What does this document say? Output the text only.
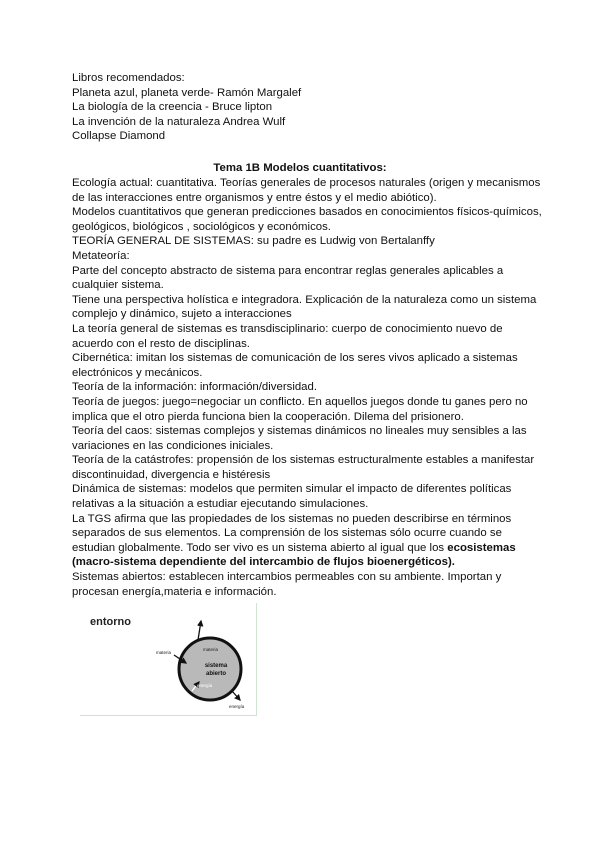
Libros recomendados:
Planeta azul, planeta verde- Ramón Margalef
La biología de la creencia - Bruce lipton
La invención de la naturaleza Andrea Wulf
Collapse Diamond
Tema 1B Modelos cuantitativos:
Ecología actual: cuantitativa. Teorías generales de procesos naturales (origen y mecanismos de las interacciones entre organismos y entre éstos y el medio abiótico).
Modelos cuantitativos que generan predicciones basados en conocimientos físicos-químicos, geológicos, biológicos , sociológicos y económicos.
TEORÍA GENERAL DE SISTEMAS: su padre es Ludwig von Bertalanffy
Metateoría:
Parte del concepto abstracto de sistema para encontrar reglas generales aplicables a cualquier sistema.
Tiene una perspectiva holística e integradora. Explicación de la naturaleza como un sistema complejo y dinámico, sujeto a interacciones
La teoría general de sistemas es transdisciplinario: cuerpo de conocimiento nuevo de acuerdo con el resto de disciplinas.
Cibernética: imitan los sistemas de comunicación de los seres vivos aplicado a sistemas electrónicos y mecánicos.
Teoría de la información: información/diversidad.
Teoría de juegos: juego=negociar un conflicto. En aquellos juegos donde tu ganes pero no implica que el otro pierda funciona bien la cooperación. Dilema del prisionero.
Teoría del caos: sistemas complejos y sistemas dinámicos no lineales muy sensibles a las variaciones en las condiciones iniciales.
Teoría de la catástrofes: propensión de los sistemas estructuralmente estables a manifestar discontinuidad, divergencia e histéresis
Dinámica de sistemas: modelos que permiten simular el impacto de diferentes políticas relativas a la situación a estudiar ejecutando simulaciones.
La TGS afirma que las propiedades de los sistemas no pueden describirse en términos separados de sus elementos. La comprensión de los sistemas sólo ocurre cuando se estudian globalmente. Todo ser vivo es un sistema abierto al igual que los ecosistemas (macro-sistema dependiente del intercambio de flujos bioenergéticos).
Sistemas abiertos: establecen intercambios permeables con su ambiente. Importan y procesan energía,materia e información.
entorno
sistema
abierto
materia
materia
energía
energía
